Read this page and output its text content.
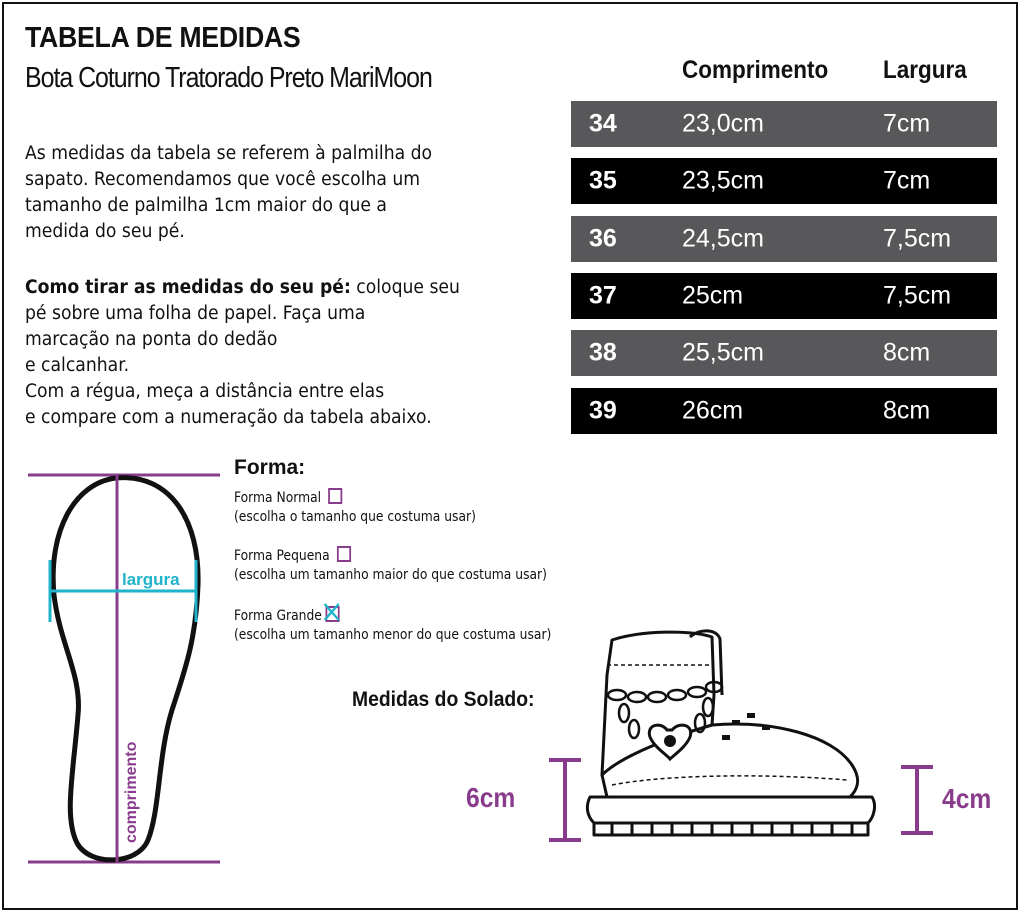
TABELA DE MEDIDAS
Bota Coturno Tratorado Preto MariMoon

As medidas da tabela se referem à palmilha do
sapato. Recomendamos que você escolha um
tamanho de palmilha 1cm maior do que a
medida do seu pé.

Como tirar as medidas do seu pé: coloque seu
pé sobre uma folha de papel. Faça uma
marcação na ponta do dedão
e calcanhar.
Com a régua, meça a distância entre elas
e compare com a numeração da tabela abaixo.

Comprimento Largura
34	23,0cm	7cm
35	23,5cm	7cm
36	24,5cm	7,5cm
37	25cm	7,5cm
38	25,5cm	8cm
39	26cm	8cm
largura
comprimento
Forma:
Forma Normal
(escolha o tamanho que costuma usar)
Forma Pequena
(escolha um tamanho maior do que costuma usar)
Forma Grande

(escolha um tamanho menor do que costuma usar)
Medidas do Solado:
6cm	4cm
